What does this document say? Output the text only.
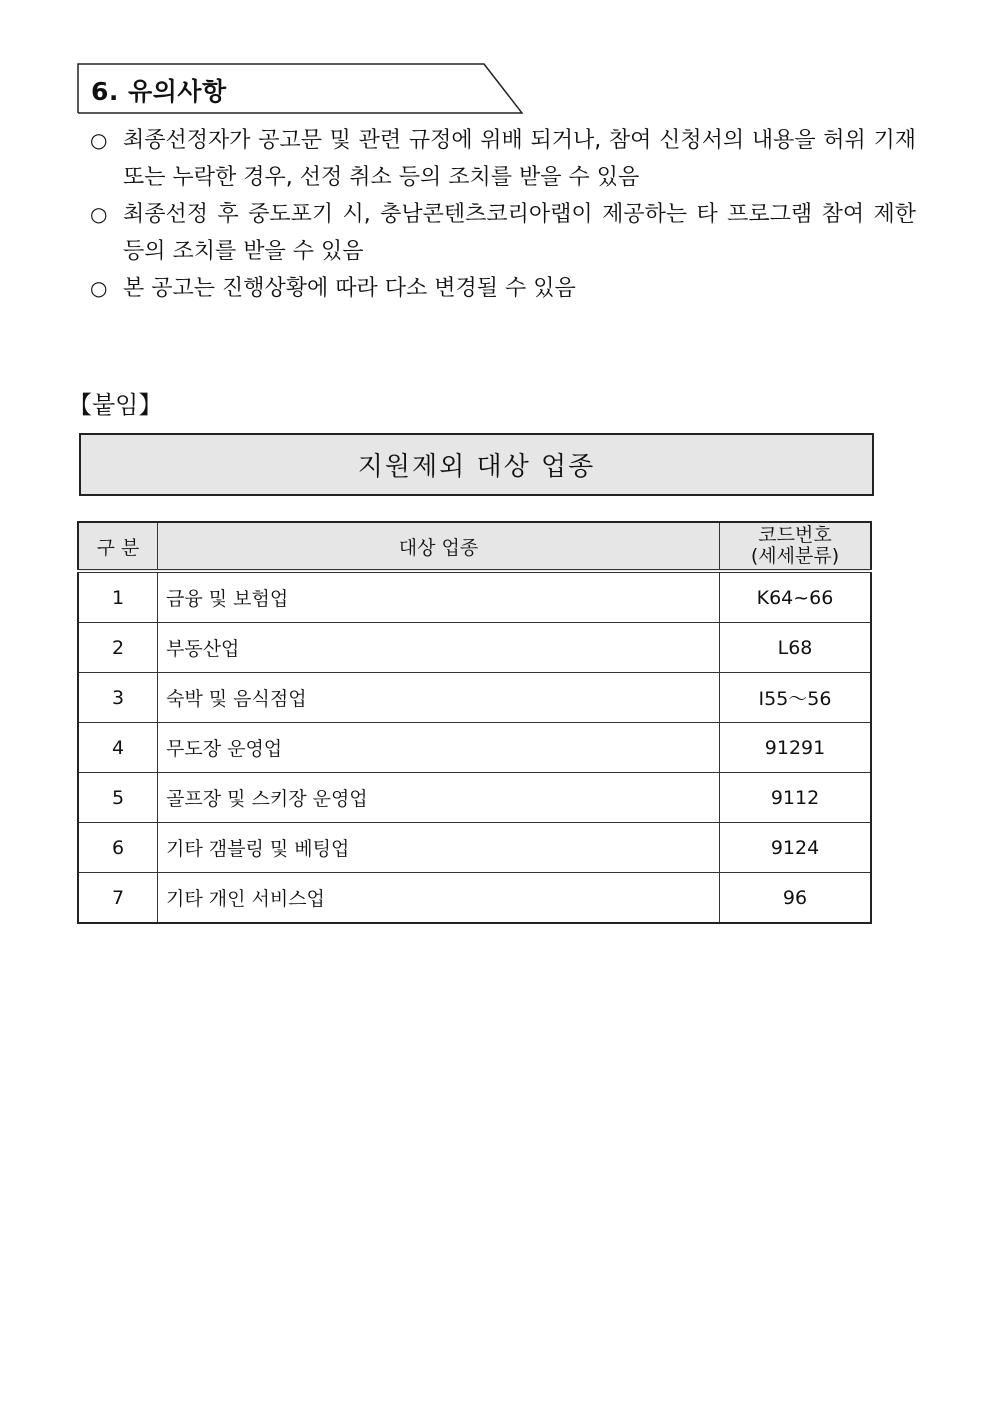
6. 유의사항
○ 최종선정자가 공고문 및 관련 규정에 위배 되거나, 참여 신청서의 내용을 허위 기재 또는 누락한 경우, 선정 취소 등의 조치를 받을 수 있음
○ 최종선정 후 중도포기 시, 충남콘텐츠코리아랩이 제공하는 타 프로그램 참여 제한 등의 조치를 받을 수 있음
○ 본 공고는 진행상황에 따라 다소 변경될 수 있음
【붙임】
지원제외 대상 업종
구 분	대상 업종	코드번호
(세세분류)

1	금융 및 보험업	K64~66
2	부동산업	L68
3	숙박 및 음식점업	I55～56
4	무도장 운영업	91291
5	골프장 및 스키장 운영업	9112
6	기타 갬블링 및 베팅업	9124
7	기타 개인 서비스업	96
